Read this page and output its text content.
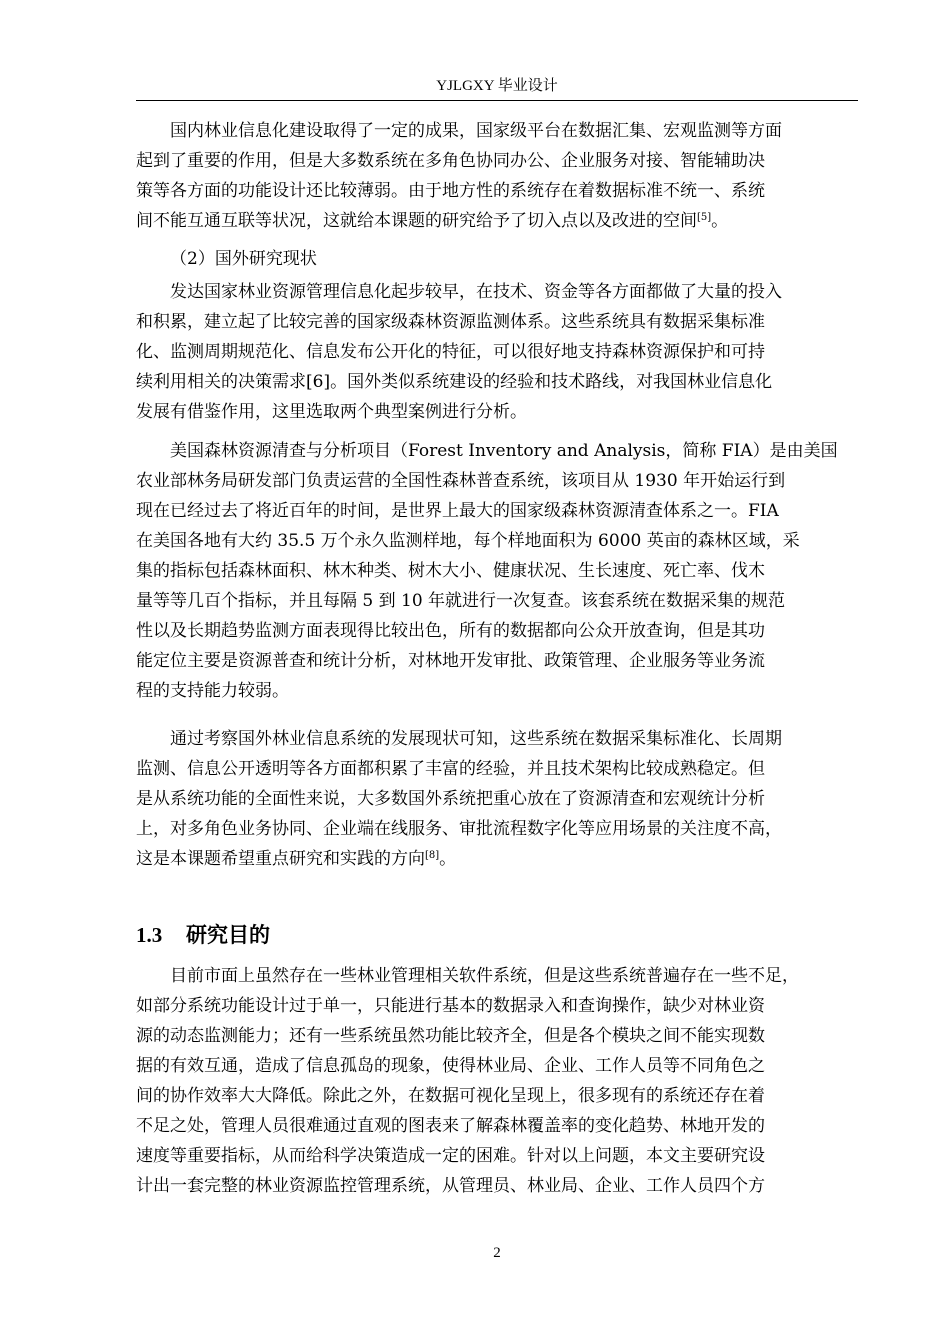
YJLGXY 毕业设计
国内林业信息化建设取得了一定的成果，国家级平台在数据汇集、宏观监测等方面
起到了重要的作用，但是大多数系统在多角色协同办公、企业服务对接、智能辅助决
策等各方面的功能设计还比较薄弱。由于地方性的系统存在着数据标准不统一、系统
间不能互通互联等状况，这就给本课题的研究给予了切入点以及改进的空间[5]。
（2）国外研究现状
发达国家林业资源管理信息化起步较早，在技术、资金等各方面都做了大量的投入
和积累，建立起了比较完善的国家级森林资源监测体系。这些系统具有数据采集标准
化、监测周期规范化、信息发布公开化的特征，可以很好地支持森林资源保护和可持
续利用相关的决策需求[6]。国外类似系统建设的经验和技术路线，对我国林业信息化
发展有借鉴作用，这里选取两个典型案例进行分析。
美国森林资源清查与分析项目（Forest Inventory and Analysis，简称 FIA）是由美国
农业部林务局研发部门负责运营的全国性森林普查系统，该项目从 1930 年开始运行到
现在已经过去了将近百年的时间，是世界上最大的国家级森林资源清查体系之一。FIA
在美国各地有大约 35.5 万个永久监测样地，每个样地面积为 6000 英亩的森林区域，采
集的指标包括森林面积、林木种类、树木大小、健康状况、生长速度、死亡率、伐木
量等等几百个指标，并且每隔 5 到 10 年就进行一次复查。该套系统在数据采集的规范
性以及长期趋势监测方面表现得比较出色，所有的数据都向公众开放查询，但是其功
能定位主要是资源普查和统计分析，对林地开发审批、政策管理、企业服务等业务流
程的支持能力较弱。
通过考察国外林业信息系统的发展现状可知，这些系统在数据采集标准化、长周期
监测、信息公开透明等各方面都积累了丰富的经验，并且技术架构比较成熟稳定。但
是从系统功能的全面性来说，大多数国外系统把重心放在了资源清查和宏观统计分析
上，对多角色业务协同、企业端在线服务、审批流程数字化等应用场景的关注度不高，
这是本课题希望重点研究和实践的方向[8]。
1.3 研究目的
目前市面上虽然存在一些林业管理相关软件系统，但是这些系统普遍存在一些不足，
如部分系统功能设计过于单一，只能进行基本的数据录入和查询操作，缺少对林业资
源的动态监测能力；还有一些系统虽然功能比较齐全，但是各个模块之间不能实现数
据的有效互通，造成了信息孤岛的现象，使得林业局、企业、工作人员等不同角色之
间的协作效率大大降低。除此之外，在数据可视化呈现上，很多现有的系统还存在着
不足之处，管理人员很难通过直观的图表来了解森林覆盖率的变化趋势、林地开发的
速度等重要指标，从而给科学决策造成一定的困难。针对以上问题，本文主要研究设
计出一套完整的林业资源监控管理系统，从管理员、林业局、企业、工作人员四个方
2
